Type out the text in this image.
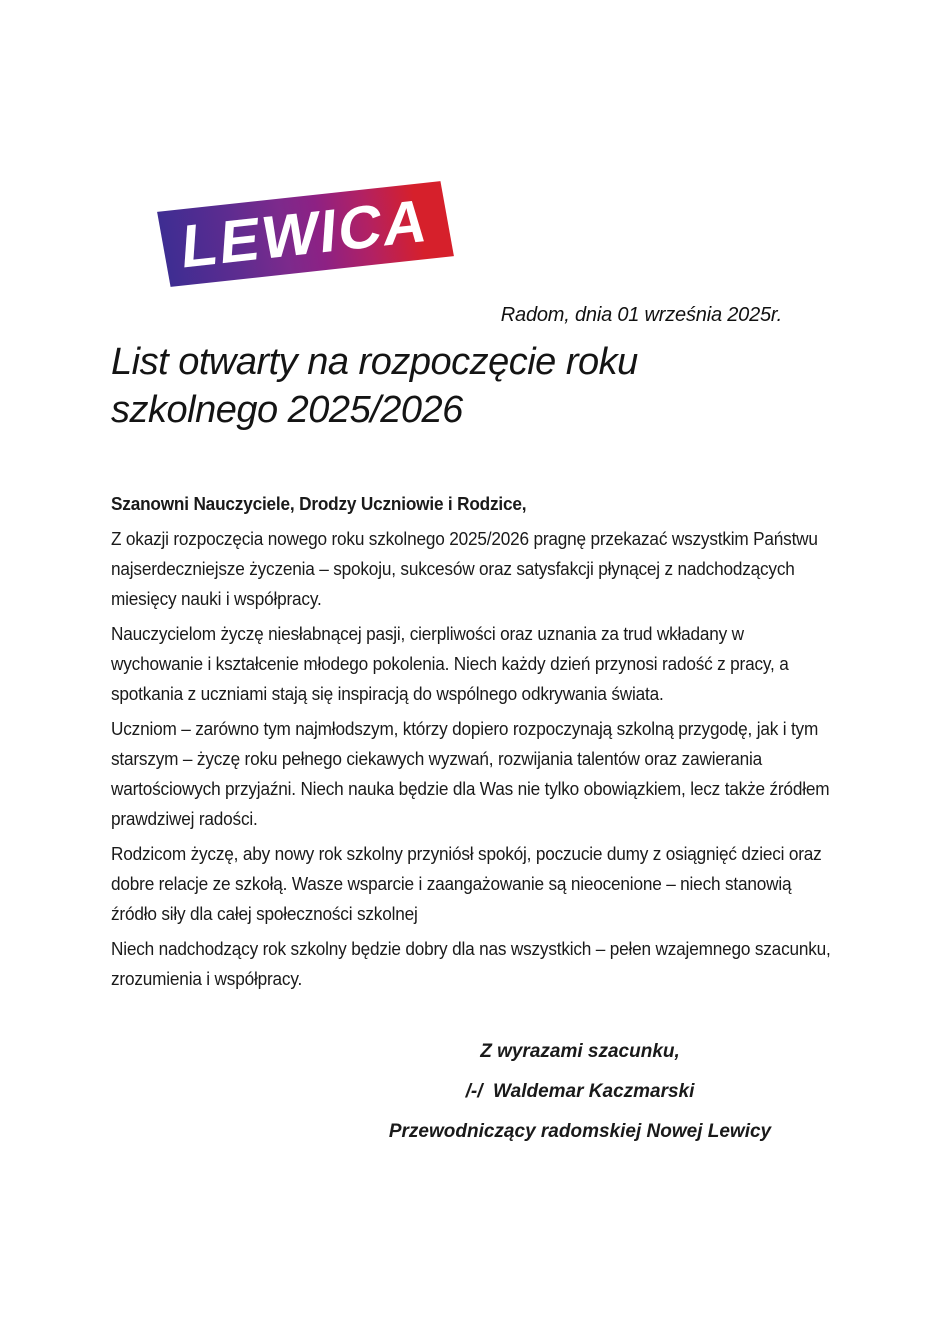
LEWICA
Radom, dnia 01 września 2025r.
List otwarty na rozpoczęcie roku szkolnego 2025/2026

Szanowni Nauczyciele, Drodzy Uczniowie i Rodzice,

Z okazji rozpoczęcia nowego roku szkolnego 2025/2026 pragnę przekazać wszystkim Państwu najserdeczniejsze życzenia – spokoju, sukcesów oraz satysfakcji płynącej z nadchodzących miesięcy nauki i współpracy.

Nauczycielom życzę niesłabnącej pasji, cierpliwości oraz uznania za trud wkładany w wychowanie i kształcenie młodego pokolenia. Niech każdy dzień przynosi radość z pracy, a spotkania z uczniami stają się inspiracją do wspólnego odkrywania świata.

Uczniom – zarówno tym najmłodszym, którzy dopiero rozpoczynają szkolną przygodę, jak i tym starszym – życzę roku pełnego ciekawych wyzwań, rozwijania talentów oraz zawierania wartościowych przyjaźni. Niech nauka będzie dla Was nie tylko obowiązkiem, lecz także źródłem prawdziwej radości.

Rodzicom życzę, aby nowy rok szkolny przyniósł spokój, poczucie dumy z osiągnięć dzieci oraz dobre relacje ze szkołą. Wasze wsparcie i zaangażowanie są nieocenione – niech stanowią źródło siły dla całej społeczności szkolnej

Niech nadchodzący rok szkolny będzie dobry dla nas wszystkich – pełen wzajemnego szacunku, zrozumienia i współpracy.

Z wyrazami szacunku,

/-/  Waldemar Kaczmarski

Przewodniczący radomskiej Nowej Lewicy
